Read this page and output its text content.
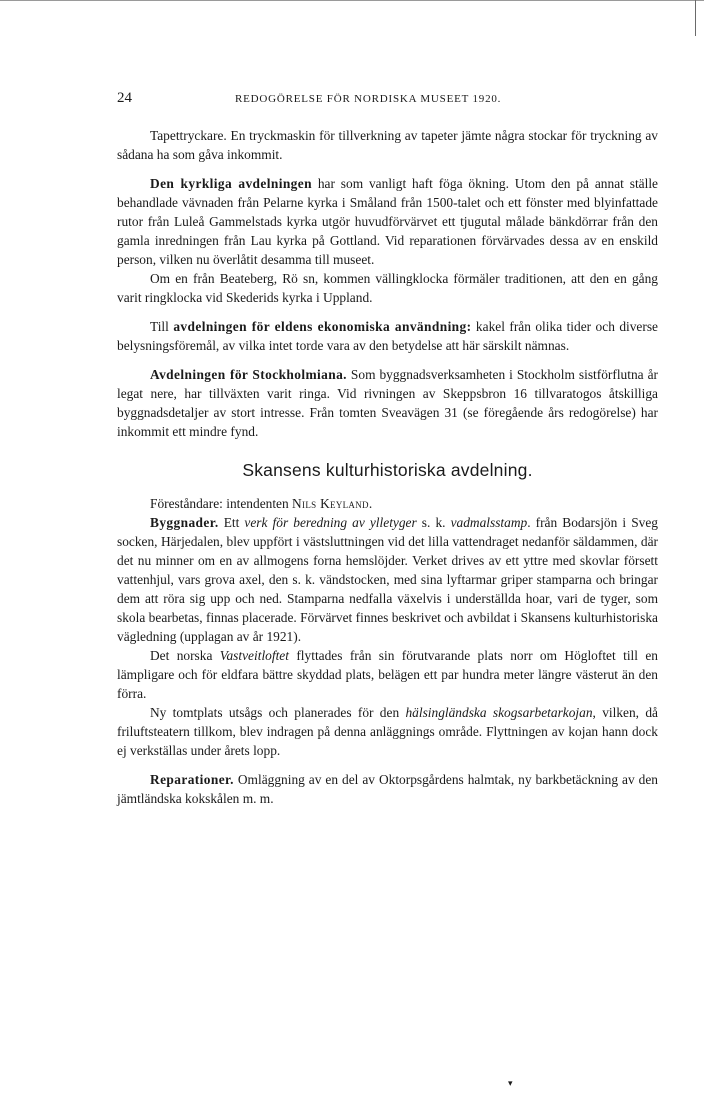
24	REDOGÖRELSE FÖR NORDISKA MUSEET 1920.

Tapettryckare. En tryckmaskin för tillverkning av tapeter jämte några stockar för tryckning av sådana ha som gåva inkommit.

Den kyrkliga avdelningen har som vanligt haft föga ökning. Utom den på annat ställe behandlade vävnaden från Pelarne kyrka i Småland från 1500-talet och ett fönster med blyinfattade rutor från Luleå Gammelstads kyrka utgör huvudförvärvet ett tjugutal målade bänkdörrar från den gamla inredningen från Lau kyrka på Gottland. Vid reparationen förvärvades dessa av en enskild person, vilken nu överlåtit desamma till museet.

Om en från Beateberg, Rö sn, kommen vällingklocka förmäler traditionen, att den en gång varit ringklocka vid Skederids kyrka i Uppland.

Till avdelningen för eldens ekonomiska användning: kakel från olika tider och diverse belysningsföremål, av vilka intet torde vara av den betydelse att här särskilt nämnas.

Avdelningen för Stockholmiana. Som byggnadsverksamheten i Stockholm sistförflutna år legat nere, har tillväxten varit ringa. Vid rivningen av Skeppsbron 16 tillvaratogos åtskilliga byggnadsdetaljer av stort intresse. Från tomten Sveavägen 31 (se föregående års redogörelse) har inkommit ett mindre fynd.

Skansens kulturhistoriska avdelning.

Föreståndare: intendenten Nils Keyland.

Byggnader. Ett verk för beredning av ylletyger s. k. vadmalsstamp. från Bodarsjön i Sveg socken, Härjedalen, blev uppfört i västsluttningen vid det lilla vattendraget nedanför säldammen, där det nu minner om en av allmogens forna hemslöjder. Verket drives av ett yttre med skovlar försett vattenhjul, vars grova axel, den s. k. vändstocken, med sina lyftarmar griper stamparna och bringar dem att röra sig upp och ned. Stamparna nedfalla växelvis i underställda hoar, vari de tyger, som skola bearbetas, finnas placerade. Förvärvet finnes beskrivet och avbildat i Skansens kulturhistoriska vägledning (upplagan av år 1921).

Det norska Vastveitloftet flyttades från sin förutvarande plats norr om Högloftet till en lämpligare och för eldfara bättre skyddad plats, belägen ett par hundra meter längre västerut än den förra.

Ny tomtplats utsågs och planerades för den hälsingländska skogsarbetarkojan, vilken, då friluftsteatern tillkom, blev indragen på denna anläggnings område. Flyttningen av kojan hann dock ej verkställas under årets lopp.

Reparationer. Omläggning av en del av Oktorpsgårdens halmtak, ny barkbetäckning av den jämtländska kokskålen m. m.

▾
